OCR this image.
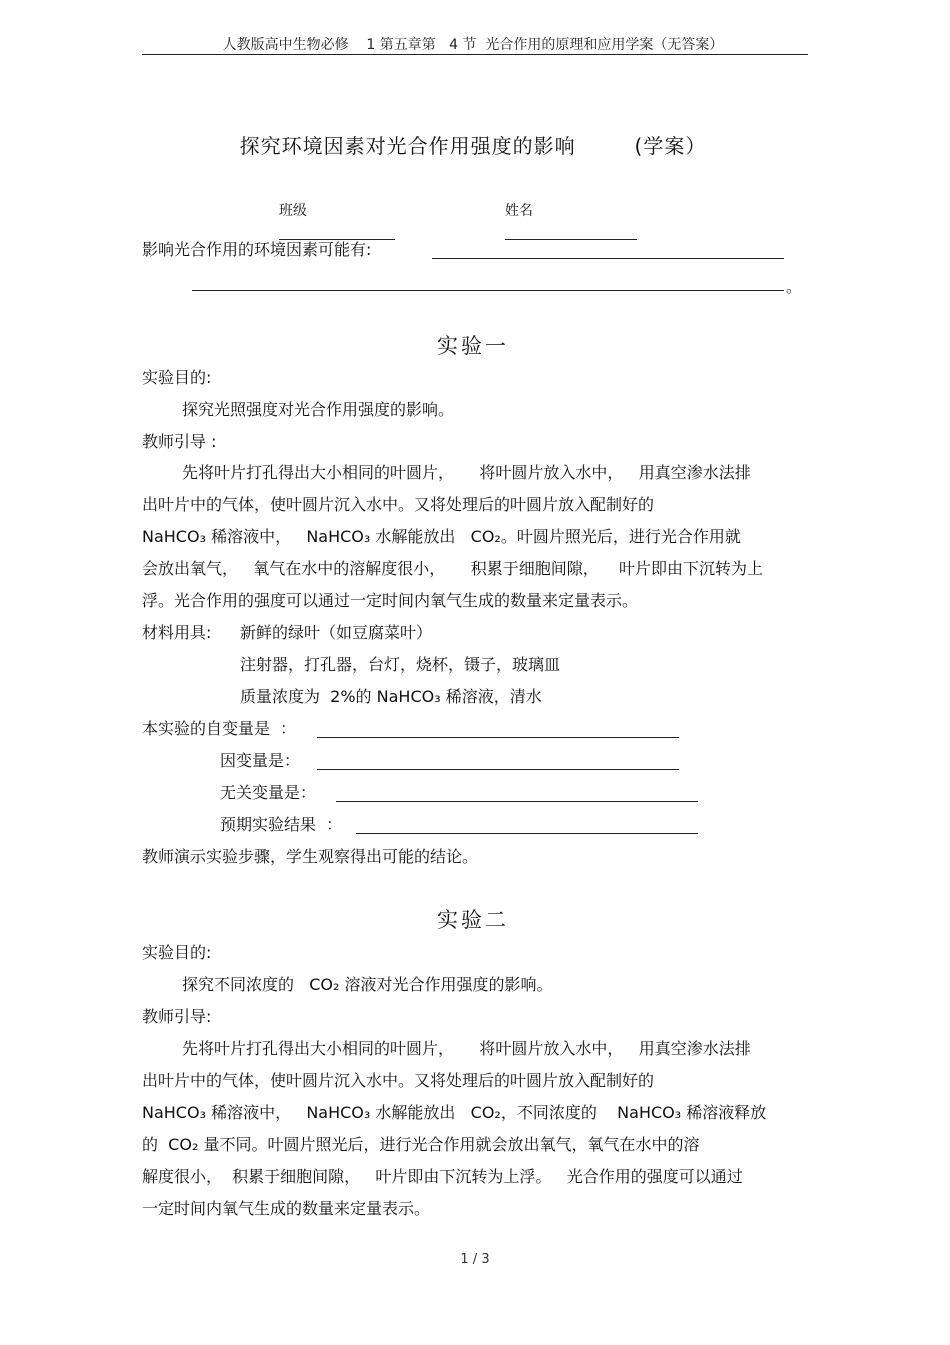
人教版高中生物必修    1 第五章第   4 节  光合作用的原理和应用学案（无答案）
探究环境因素对光合作用强度的影响        (学案）

班级
	姓名

影响光合作用的环境因素可能有:
。
实验一
实验目的:
探究光照强度对光合作用强度的影响。
教师引导 :
先将叶片打孔得出大小相同的叶圆片，     将叶圆片放入水中，   用真空渗水法排
出叶片中的气体，使叶圆片沉入水中。又将处理后的叶圆片放入配制好的
NaHCO₃ 稀溶液中，   NaHCO₃ 水解能放出   CO₂。叶圆片照光后，进行光合作用就
会放出氧气，   氧气在水中的溶解度很小，     积累于细胞间隙，    叶片即由下沉转为上
浮。光合作用的强度可以通过一定时间内氧气生成的数量来定量表示。
材料用具: 新鲜的绿叶（如豆腐菜叶）
注射器，打孔器，台灯，烧杯，镊子，玻璃皿
质量浓度为  2%的 NaHCO₃ 稀溶液，清水
本实验的自变量是  ：
因变量是：
无关变量是：
预期实验结果  ：
教师演示实验步骤，学生观察得出可能的结论。
实验二
实验目的:
探究不同浓度的   CO₂ 溶液对光合作用强度的影响。
教师引导:
先将叶片打孔得出大小相同的叶圆片，     将叶圆片放入水中，   用真空渗水法排
出叶片中的气体，使叶圆片沉入水中。又将处理后的叶圆片放入配制好的
NaHCO₃ 稀溶液中，   NaHCO₃ 水解能放出   CO₂，不同浓度的    NaHCO₃ 稀溶液释放
的  CO₂ 量不同。叶圆片照光后，进行光合作用就会放出氧气，氧气在水中的溶
解度很小，  积累于细胞间隙，   叶片即由下沉转为上浮。   光合作用的强度可以通过
一定时间内氧气生成的数量来定量表示。
1 / 3
